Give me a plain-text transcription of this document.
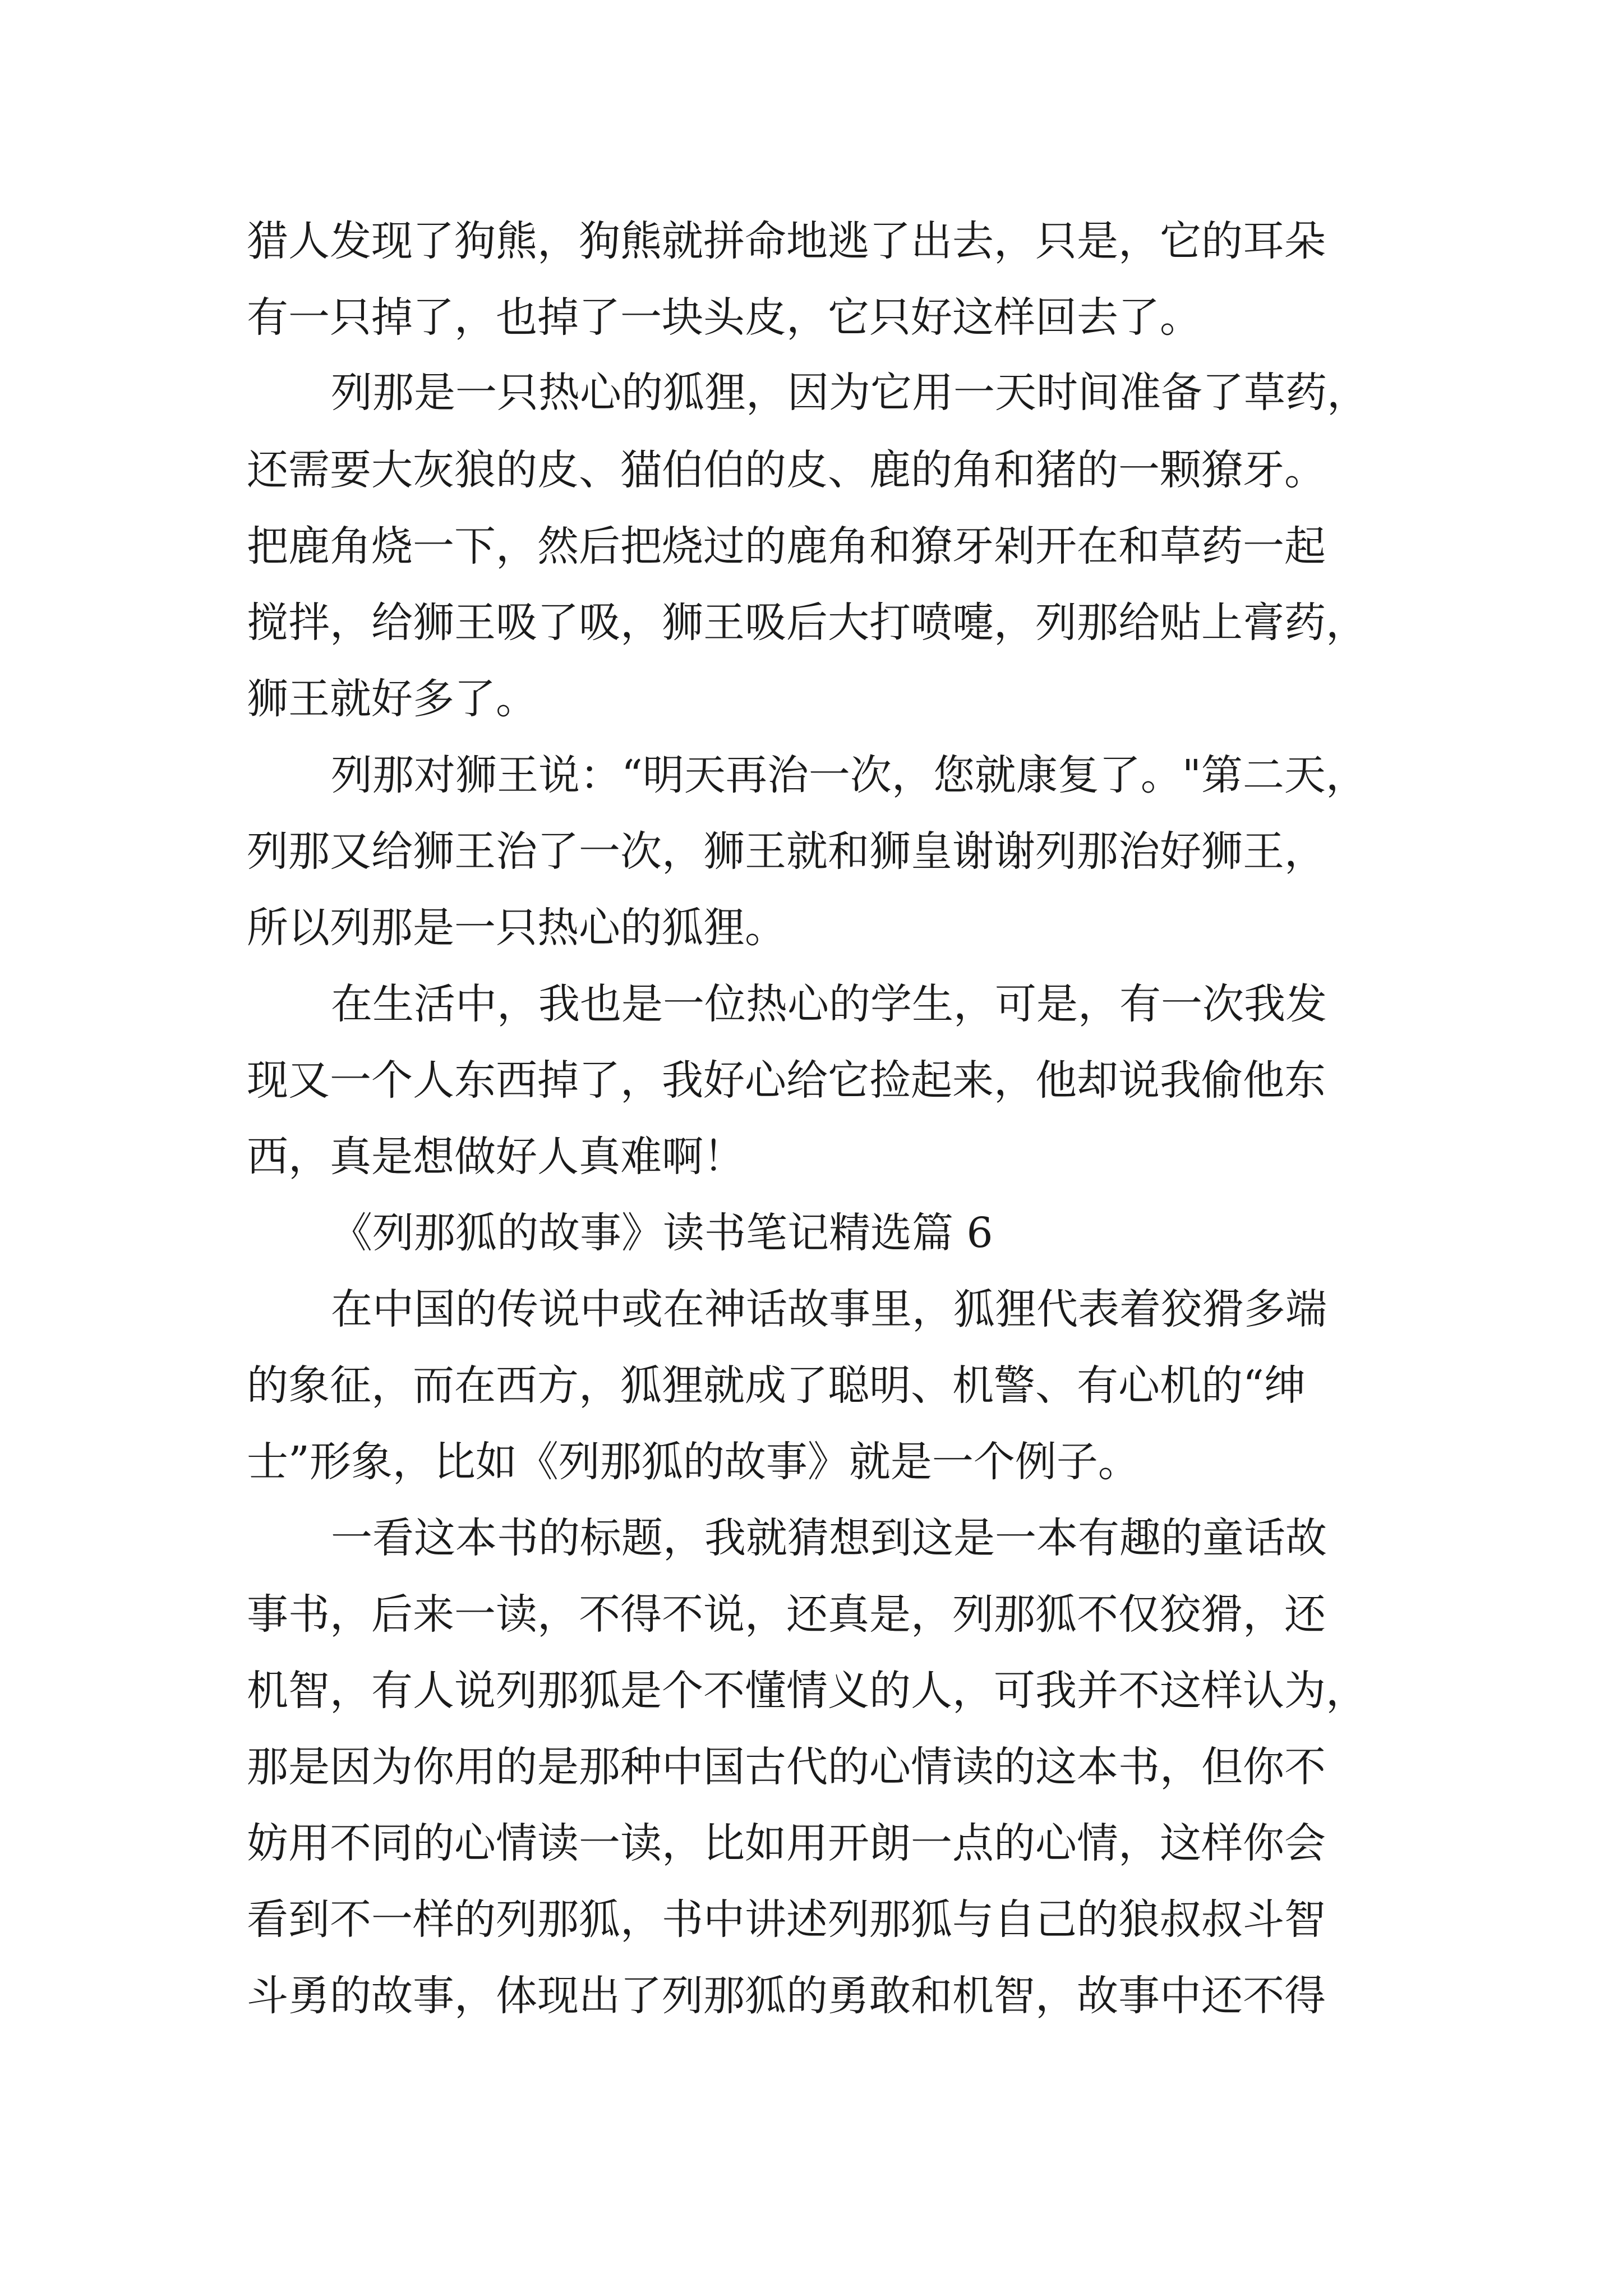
猎人发现了狗熊，狗熊就拼命地逃了出去，只是，它的耳朵
有一只掉了，也掉了一块头皮，它只好这样回去了。
列那是一只热心的狐狸，因为它用一天时间准备了草药，
还需要大灰狼的皮、猫伯伯的皮、鹿的角和猪的一颗獠牙。
把鹿角烧一下，然后把烧过的鹿角和獠牙剁开在和草药一起
搅拌，给狮王吸了吸，狮王吸后大打喷嚏，列那给贴上膏药，
狮王就好多了。
列那对狮王说：“明天再治一次，您就康复了。"第二天，
列那又给狮王治了一次，狮王就和狮皇谢谢列那治好狮王，
所以列那是一只热心的狐狸。
在生活中，我也是一位热心的学生，可是，有一次我发
现又一个人东西掉了，我好心给它捡起来，他却说我偷他东
西，真是想做好人真难啊！
《列那狐的故事》读书笔记精选篇 6
在中国的传说中或在神话故事里，狐狸代表着狡猾多端
的象征，而在西方，狐狸就成了聪明、机警、有心机的“绅
士”形象，比如《列那狐的故事》就是一个例子。
一看这本书的标题，我就猜想到这是一本有趣的童话故
事书，后来一读，不得不说，还真是，列那狐不仅狡猾，还
机智，有人说列那狐是个不懂情义的人，可我并不这样认为，
那是因为你用的是那种中国古代的心情读的这本书，但你不
妨用不同的心情读一读，比如用开朗一点的心情，这样你会
看到不一样的列那狐，书中讲述列那狐与自己的狼叔叔斗智
斗勇的故事，体现出了列那狐的勇敢和机智，故事中还不得
